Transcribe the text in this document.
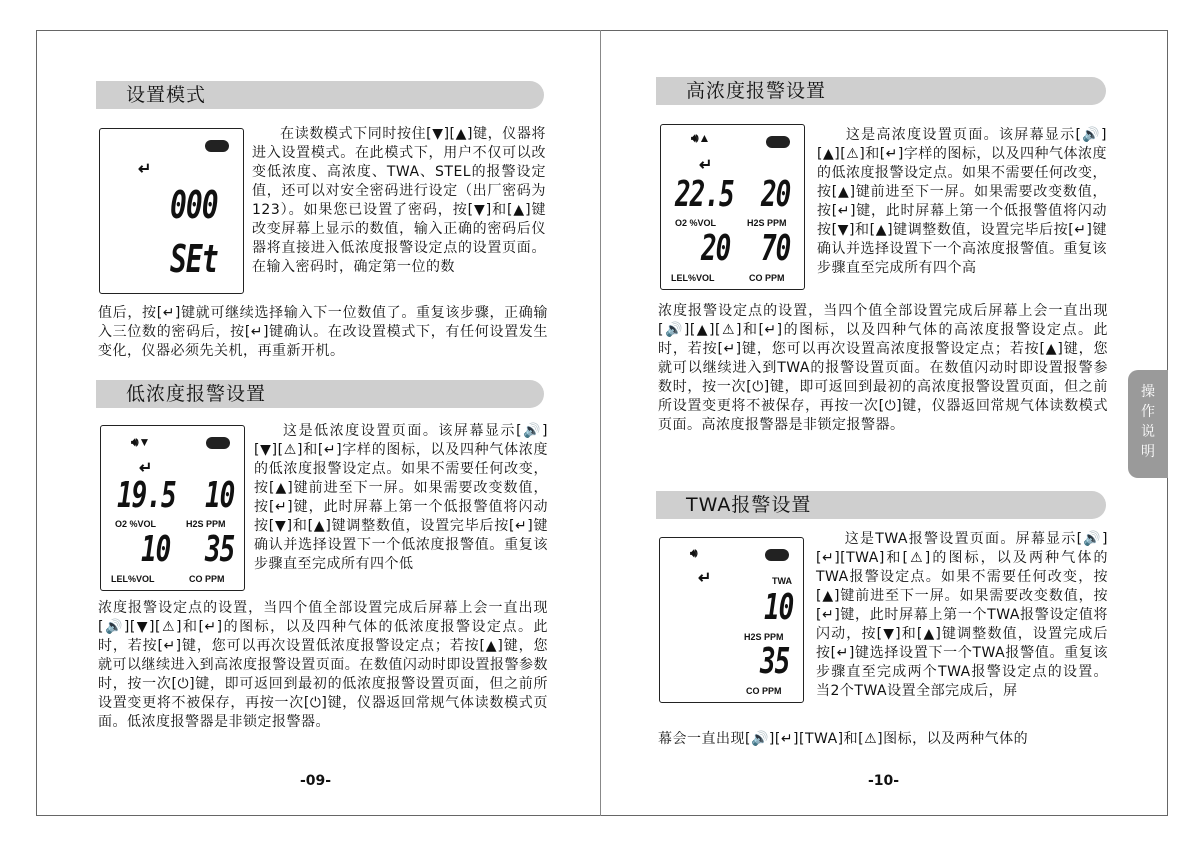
设置模式
↵
000
SEt
在读数模式下同时按住[▼][▲]键，仪器将进入设置模式。在此模式下，用户不仅可以改变低浓度、高浓度、TWA、STEL的报警设定值，还可以对安全密码进行设定（出厂密码为123）。如果您已设置了密码，按[▼]和[▲]键改变屏幕上显示的数值，输入正确的密码后仪器将直接进入低浓度报警设定点的设置页面。在输入密码时，确定第一位的数
值后，按[↵]键就可继续选择输入下一位数值了。重复该步骤，正确输入三位数的密码后，按[↵]键确认。在改设置模式下，有任何设置发生变化，仪器必须先关机，再重新开机。
低浓度报警设置
🔊︎▼
↵
19.5 10
O2 %VOL	H2S PPM
10 35
LEL%VOL	CO PPM
这是低浓度设置页面。该屏幕显示[🔊][▼][⚠]和[↵]字样的图标，以及四种气体浓度的低浓度报警设定点。如果不需要任何改变，按[▲]键前进至下一屏。如果需要改变数值，按[↵]键，此时屏幕上第一个低报警值将闪动按[▼]和[▲]键调整数值，设置完毕后按[↵]键确认并选择设置下一个低浓度报警值。重复该步骤直至完成所有四个低
浓度报警设定点的设置，当四个值全部设置完成后屏幕上会一直出现[🔊][▼][⚠]和[↵]的图标，以及四种气体的低浓度报警设定点。此时，若按[↵]键，您可以再次设置低浓度报警设定点；若按[▲]键，您就可以继续进入到高浓度报警设置页面。在数值闪动时即设置报警参数时，按一次[⏻]键，即可返回到最初的低浓度报警设置页面，但之前所设置变更将不被保存，再按一次[⏻]键，仪器返回常规气体读数模式页面。低浓度报警器是非锁定报警器。
-09-
高浓度报警设置
🔊︎▲
↵
22.5 20
O2 %VOL	H2S PPM
20 70
LEL%VOL	CO PPM
这是高浓度设置页面。该屏幕显示[🔊][▲][⚠]和[↵]字样的图标，以及四种气体浓度的低浓度报警设定点。如果不需要任何改变，按[▲]键前进至下一屏。如果需要改变数值，按[↵]键，此时屏幕上第一个低报警值将闪动按[▼]和[▲]键调整数值，设置完毕后按[↵]键确认并选择设置下一个高浓度报警值。重复该步骤直至完成所有四个高
浓度报警设定点的设置，当四个值全部设置完成后屏幕上会一直出现[🔊][▲][⚠]和[↵]的图标，以及四种气体的高浓度报警设定点。此时，若按[↵]键，您可以再次设置高浓度报警设定点；若按[▲]键，您就可以继续进入到TWA的报警设置页面。在数值闪动时即设置报警参数时，按一次[⏻]键，即可返回到最初的高浓度报警设置页面，但之前所设置变更将不被保存，再按一次[⏻]键，仪器返回常规气体读数模式页面。高浓度报警器是非锁定报警器。
TWA报警设置
🔊︎
↵	TWA
10
H2S PPM
35
CO PPM
这是TWA报警设置页面。屏幕显示[🔊][↵][TWA]和[⚠]的图标，以及两种气体的TWA报警设定点。如果不需要任何改变，按[▲]键前进至下一屏。如果需要改变数值，按[↵]键，此时屏幕上第一个TWA报警设定值将闪动，按[▼]和[▲]键调整数值，设置完成后按[↵]键选择设置下一个TWA报警值。重复该步骤直至完成两个TWA报警设定点的设置。当2个TWA设置全部完成后，屏
幕会一直出现[🔊][↵][TWA]和[⚠]图标，以及两种气体的
-10-
操作说明
